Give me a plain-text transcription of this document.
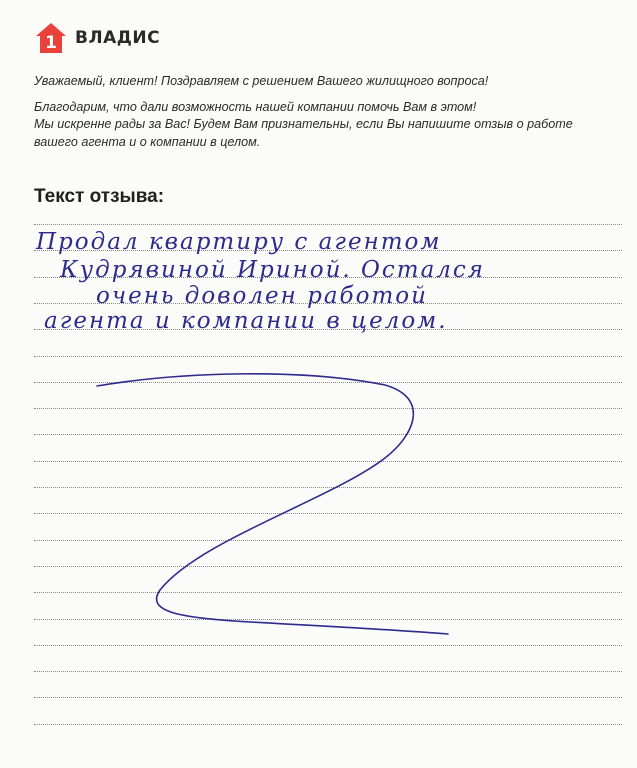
1 ВЛАДИС

Уважаемый, клиент! Поздравляем с решением Вашего жилищного вопроса!

Благодарим, что дали возможность нашей компании помочь Вам в этом!

Мы искренне рады за Вас! Будем Вам признательны, если Вы напишите отзыв о работе

вашего агента и о компании в целом.

Текст отзыва:
Продал квартиру с агентом
Кудрявиной Ириной. Остался
очень доволен работой
агента и компании в целом.
